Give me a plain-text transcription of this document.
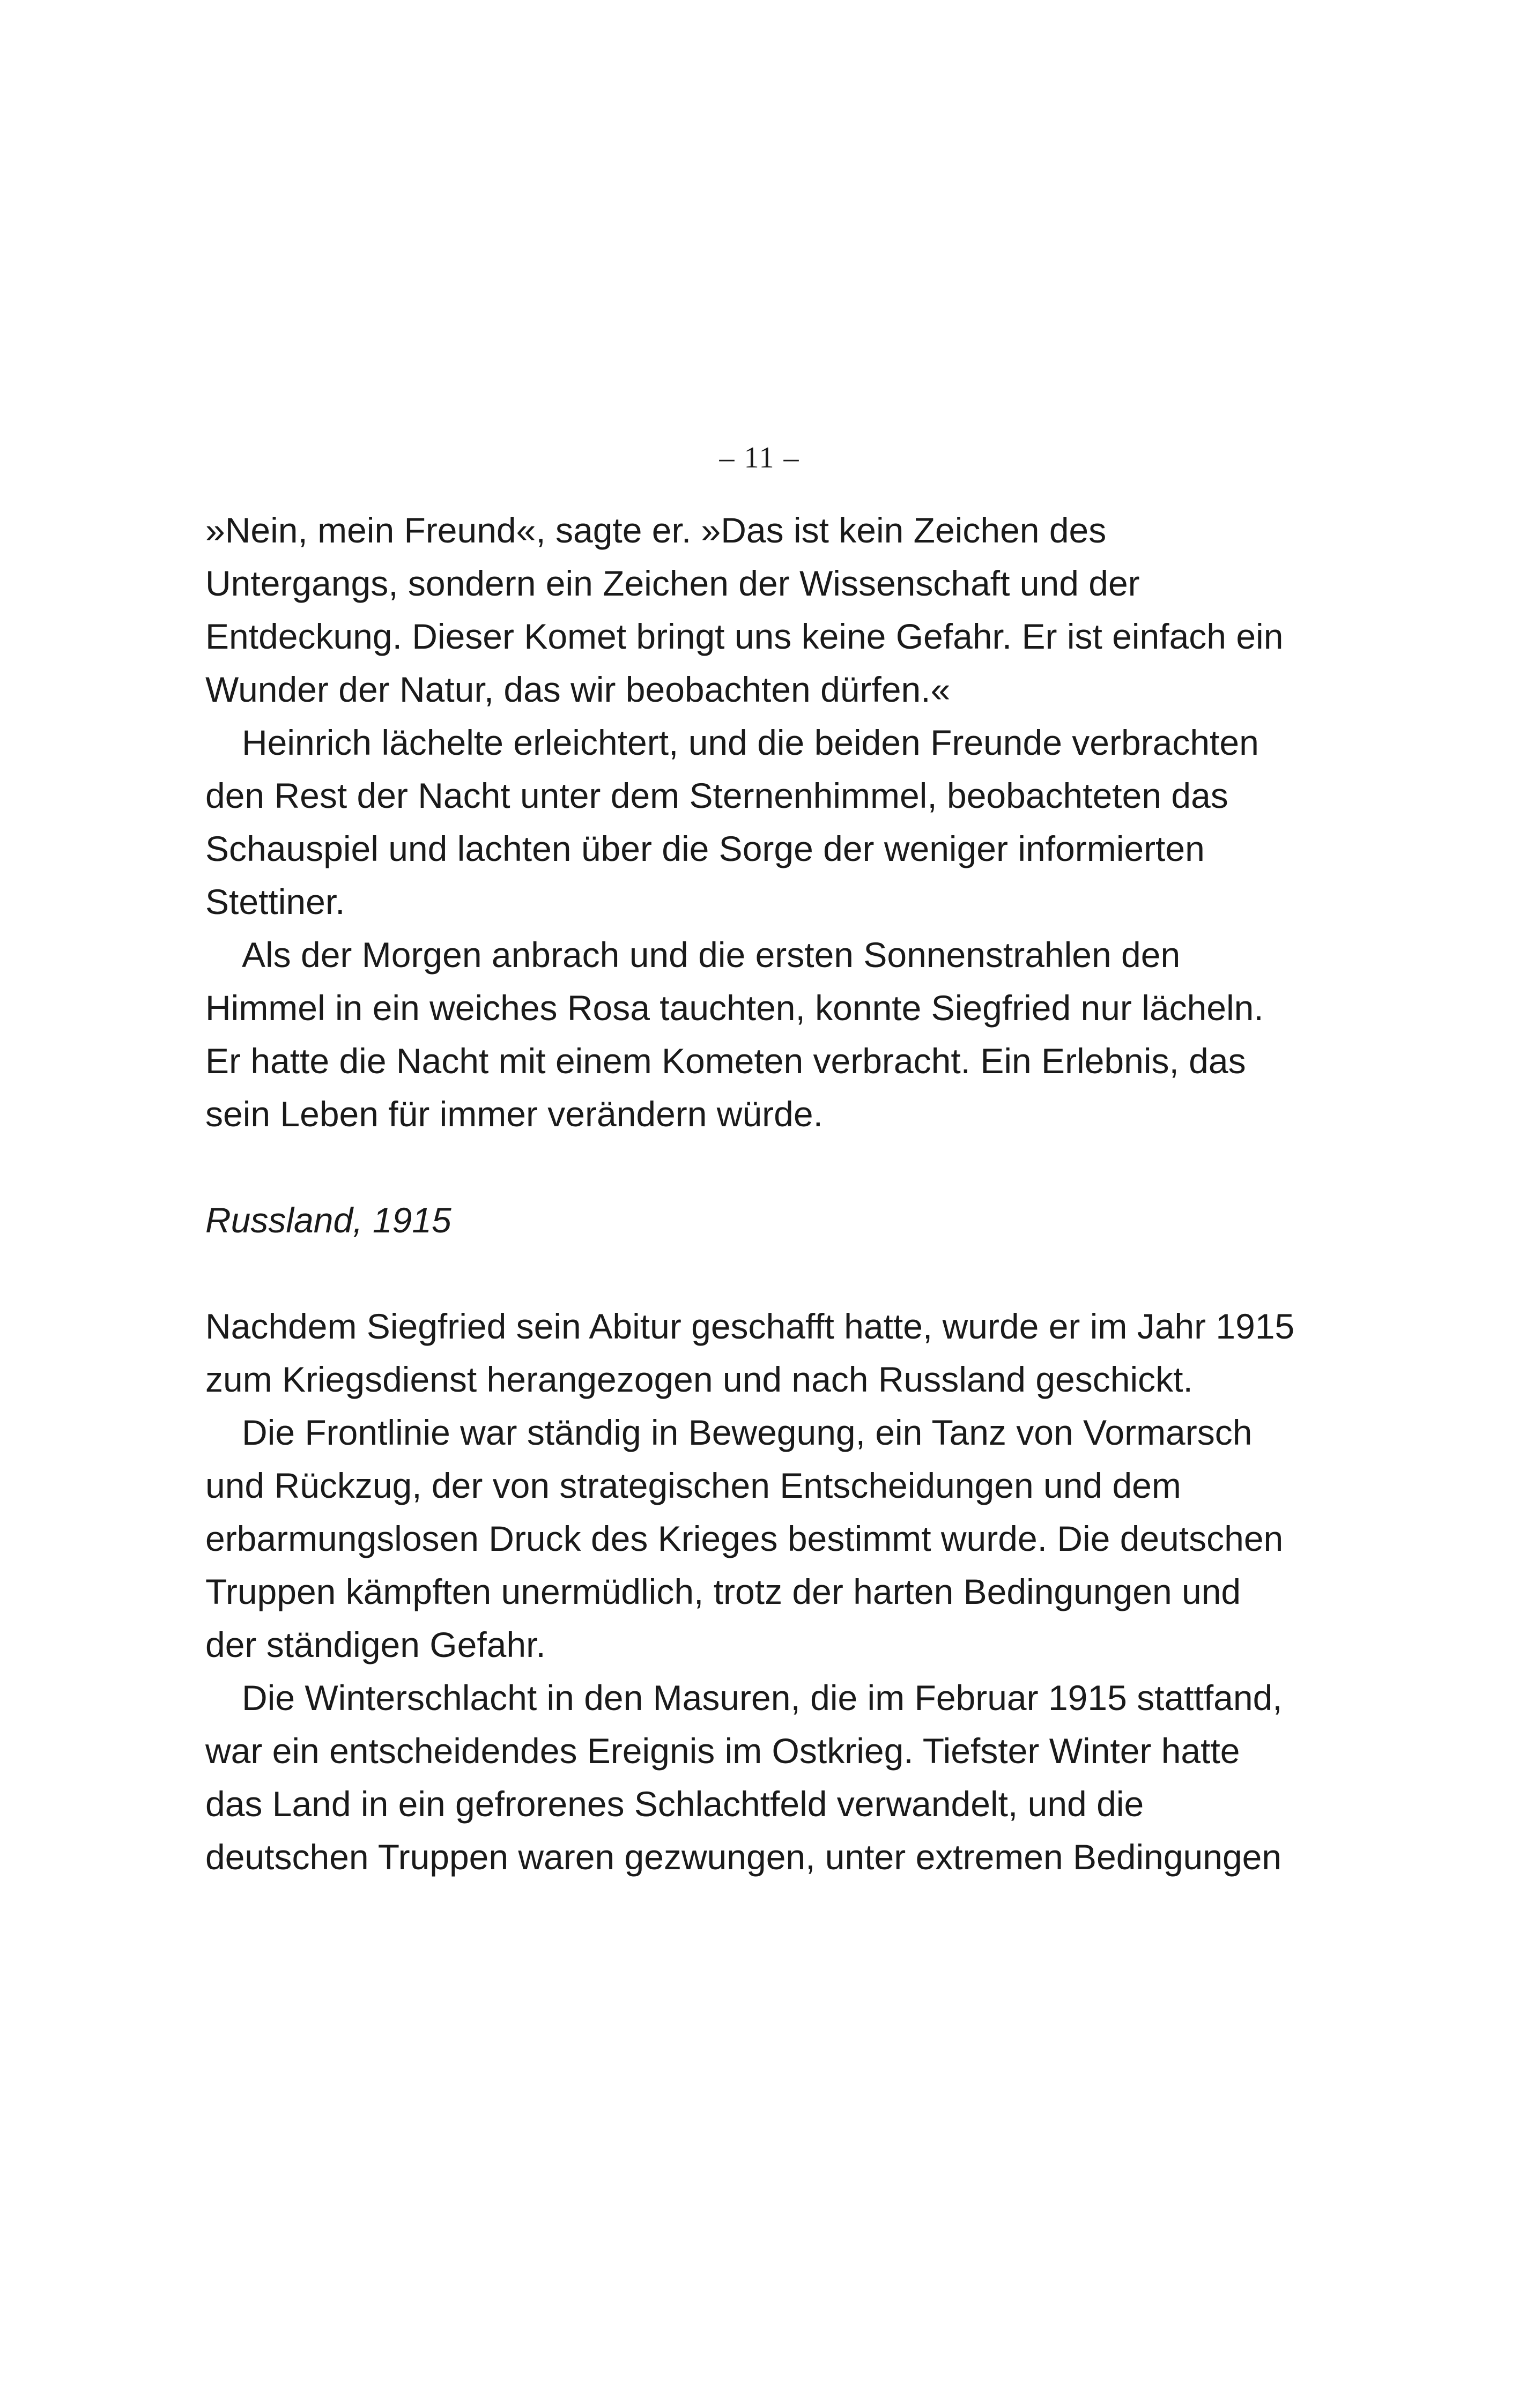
– 11 –
»Nein, mein Freund«, sagte er. »Das ist kein Zeichen des
Untergangs, sondern ein Zeichen der Wissenschaft und der
Entdeckung. Dieser Komet bringt uns keine Gefahr. Er ist einfach ein
Wunder der Natur, das wir beobachten dürfen.«
Heinrich lächelte erleichtert, und die beiden Freunde verbrachten
den Rest der Nacht unter dem Sternenhimmel, beobachteten das
Schauspiel und lachten über die Sorge der weniger informierten
Stettiner.
Als der Morgen anbrach und die ersten Sonnenstrahlen den
Himmel in ein weiches Rosa tauchten, konnte Siegfried nur lächeln.
Er hatte die Nacht mit einem Kometen verbracht. Ein Erlebnis, das
sein Leben für immer verändern würde.
Russland, 1915
Nachdem Siegfried sein Abitur geschafft hatte, wurde er im Jahr 1915
zum Kriegsdienst herangezogen und nach Russland geschickt.
Die Frontlinie war ständig in Bewegung, ein Tanz von Vormarsch
und Rückzug, der von strategischen Entscheidungen und dem
erbarmungslosen Druck des Krieges bestimmt wurde. Die deutschen
Truppen kämpften unermüdlich, trotz der harten Bedingungen und
der ständigen Gefahr.
Die Winterschlacht in den Masuren, die im Februar 1915 stattfand,
war ein entscheidendes Ereignis im Ostkrieg. Tiefster Winter hatte
das Land in ein gefrorenes Schlachtfeld verwandelt, und die
deutschen Truppen waren gezwungen, unter extremen Bedingungen
